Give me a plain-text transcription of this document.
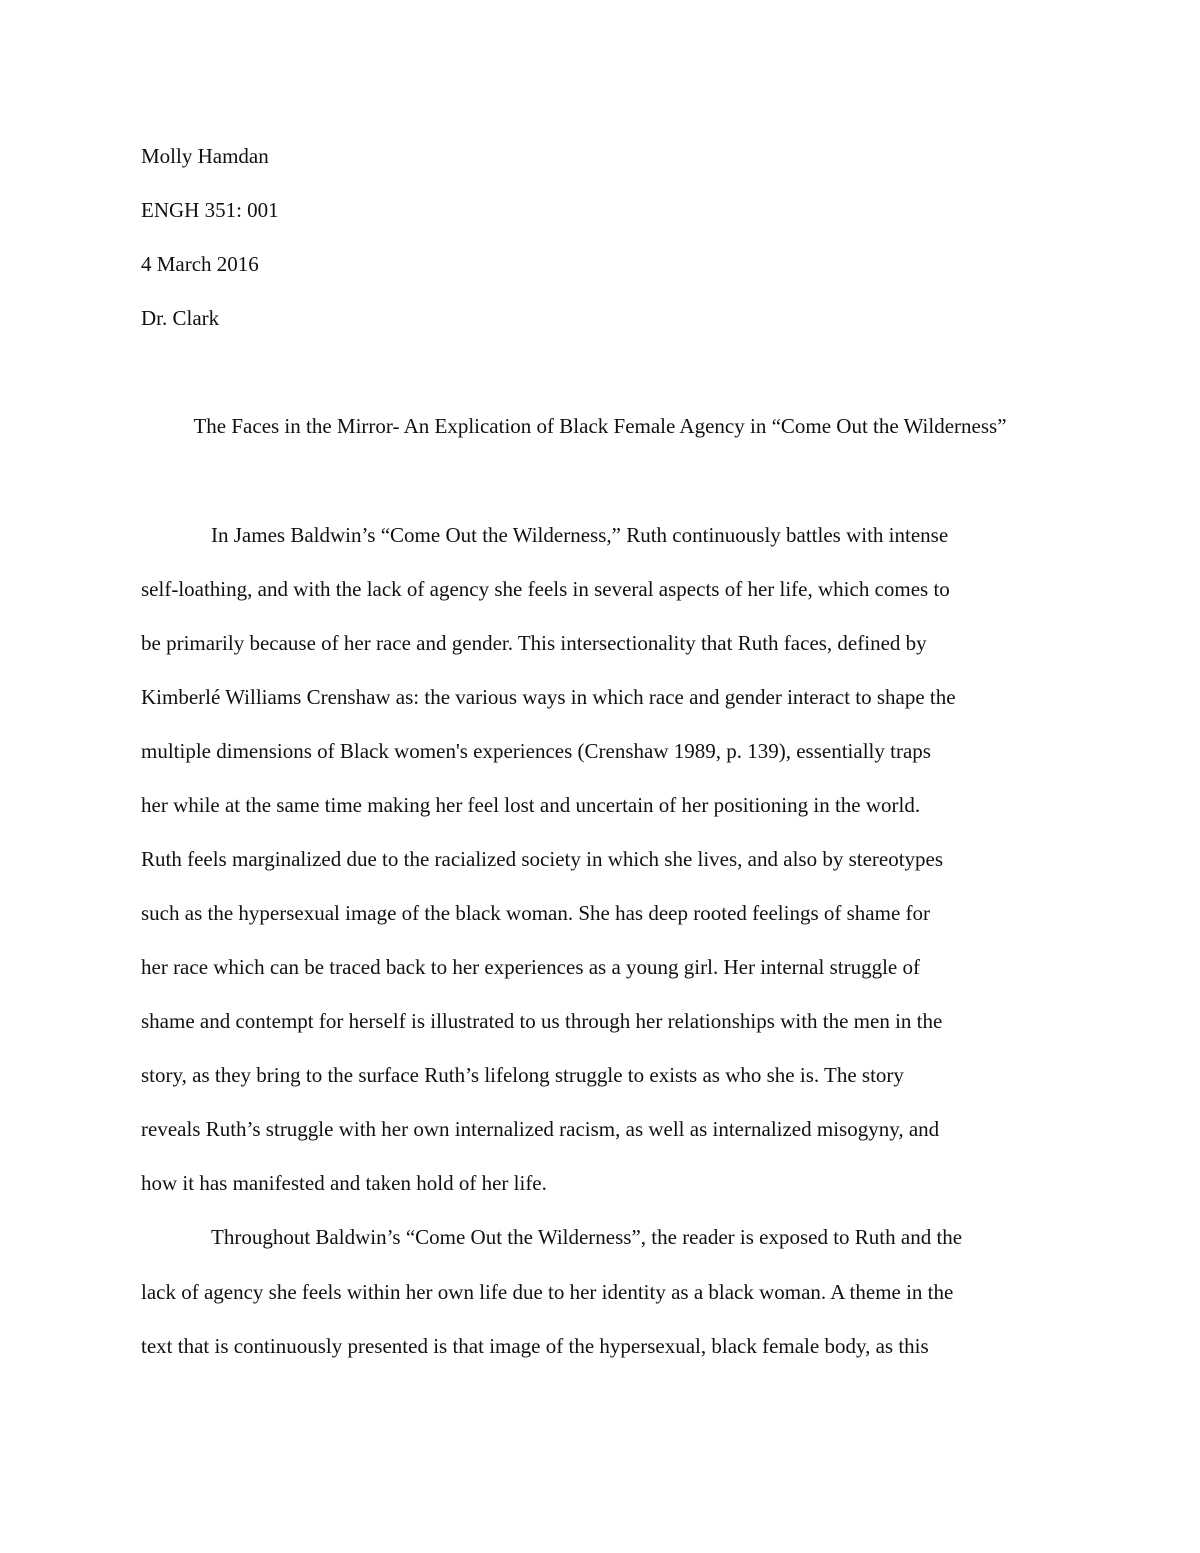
Molly Hamdan
ENGH 351: 001
4 March 2016
Dr. Clark
The Faces in the Mirror- An Explication of Black Female Agency in “Come Out the Wilderness”
In James Baldwin’s “Come Out the Wilderness,” Ruth continuously battles with intense
self-loathing, and with the lack of agency she feels in several aspects of her life, which comes to
be primarily because of her race and gender. This intersectionality that Ruth faces, defined by
Kimberlé Williams Crenshaw as: the various ways in which race and gender interact to shape the
multiple dimensions of Black women's experiences (Crenshaw 1989, p. 139), essentially traps
her while at the same time making her feel lost and uncertain of her positioning in the world.
Ruth feels marginalized due to the racialized society in which she lives, and also by stereotypes
such as the hypersexual image of the black woman. She has deep rooted feelings of shame for
her race which can be traced back to her experiences as a young girl. Her internal struggle of
shame and contempt for herself is illustrated to us through her relationships with the men in the
story, as they bring to the surface Ruth’s lifelong struggle to exists as who she is. The story
reveals Ruth’s struggle with her own internalized racism, as well as internalized misogyny, and
how it has manifested and taken hold of her life.
Throughout Baldwin’s “Come Out the Wilderness”, the reader is exposed to Ruth and the
lack of agency she feels within her own life due to her identity as a black woman. A theme in the
text that is continuously presented is that image of the hypersexual, black female body, as this
